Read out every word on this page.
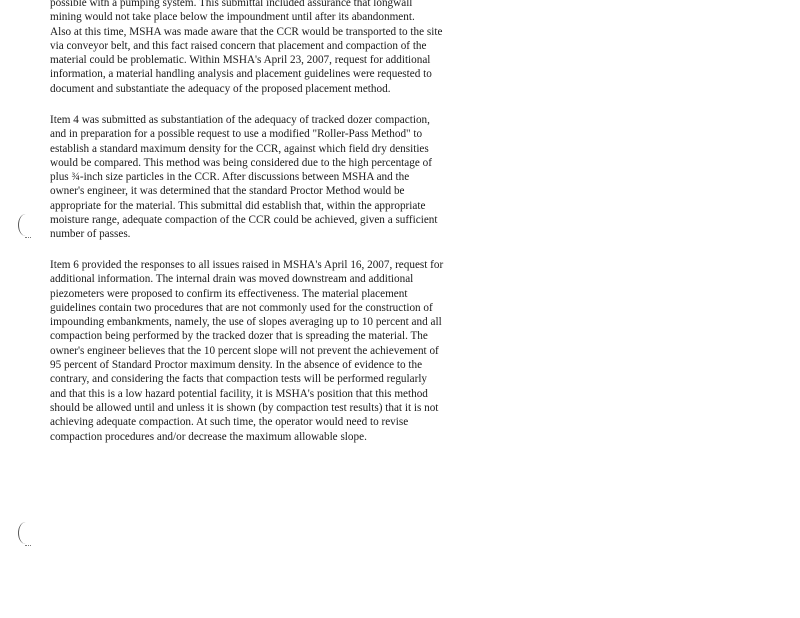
possible with a pumping system. This submittal included assurance that longwall
mining would not take place below the impoundment until after its abandonment.
Also at this time, MSHA was made aware that the CCR would be transported to the site
via conveyor belt, and this fact raised concern that placement and compaction of the
material could be problematic. Within MSHA's April 23, 2007, request for additional
information, a material handling analysis and placement guidelines were requested to
document and substantiate the adequacy of the proposed placement method.
Item 4 was submitted as substantiation of the adequacy of tracked dozer compaction,
and in preparation for a possible request to use a modified "Roller-Pass Method" to
establish a standard maximum density for the CCR, against which field dry densities
would be compared. This method was being considered due to the high percentage of
plus ¾-inch size particles in the CCR. After discussions between MSHA and the
owner's engineer, it was determined that the standard Proctor Method would be
appropriate for the material. This submittal did establish that, within the appropriate
moisture range, adequate compaction of the CCR could be achieved, given a sufficient
number of passes.
Item 6 provided the responses to all issues raised in MSHA's April 16, 2007, request for
additional information. The internal drain was moved downstream and additional
piezometers were proposed to confirm its effectiveness. The material placement
guidelines contain two procedures that are not commonly used for the construction of
impounding embankments, namely, the use of slopes averaging up to 10 percent and all
compaction being performed by the tracked dozer that is spreading the material. The
owner's engineer believes that the 10 percent slope will not prevent the achievement of
95 percent of Standard Proctor maximum density. In the absence of evidence to the
contrary, and considering the facts that compaction tests will be performed regularly
and that this is a low hazard potential facility, it is MSHA's position that this method
should be allowed until and unless it is shown (by compaction test results) that it is not
achieving adequate compaction. At such time, the operator would need to revise
compaction procedures and/or decrease the maximum allowable slope.
